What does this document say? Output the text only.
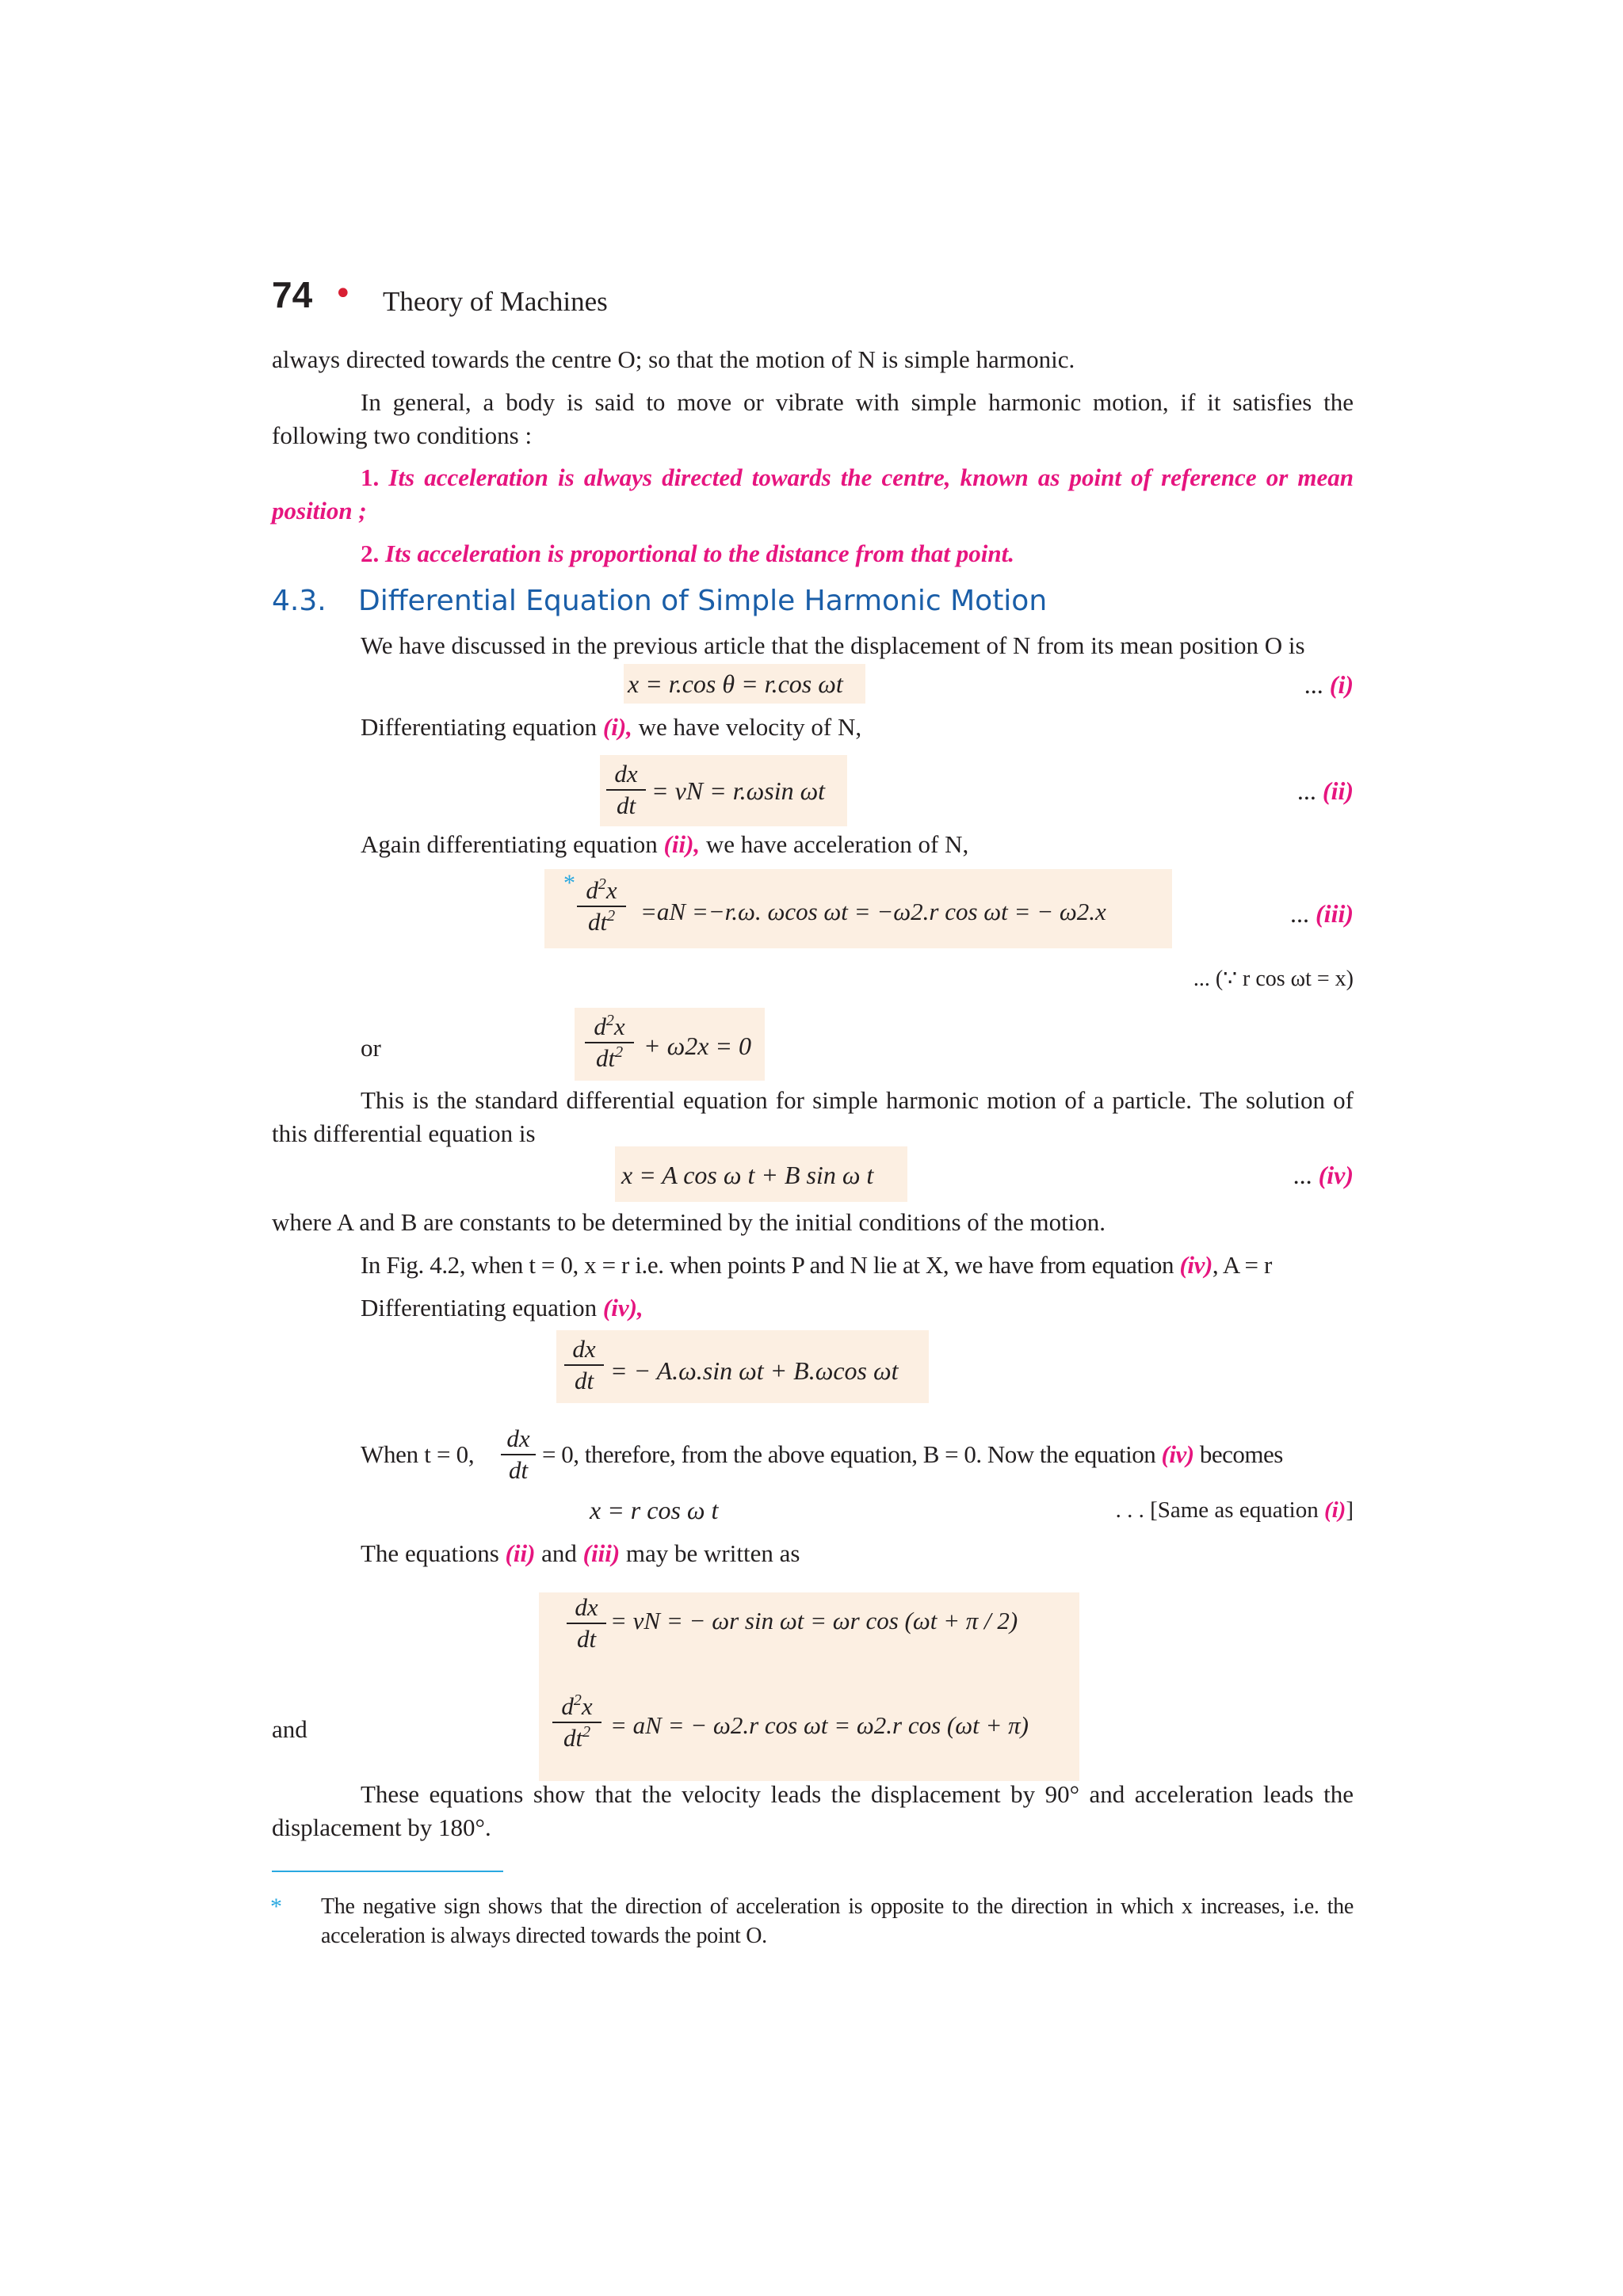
74 • Theory of Machines
always directed towards the centre O; so that the motion of N is simple harmonic.
In general, a body is said to move or vibrate with simple harmonic motion, if it satisfies the following two conditions :
1. Its acceleration is always directed towards the centre, known as point of reference or mean position ;
2. Its acceleration is proportional to the distance from that point.
4.3. Differential Equation of Simple Harmonic Motion
We have discussed in the previous article that the displacement of N from its mean position O is
x = r.cos θ = r.cos ωt	... (i)
Differentiating equation (i), we have velocity of N,
dx
dt
= vN = r.ωsin ωt	... (ii)
Again differentiating equation (ii), we have acceleration of N,
* $d^2x$
$dt^2$	=aN =−r.ω. ωcos ωt = −ω2.r cos ωt = − ω2.x	... (iii)
... (∵ r cos ωt = x)
or
$d^2x$
$dt^2 + \omega 2x = 0$
This is the standard differential equation for simple harmonic motion of a particle. The solution of this differential equation is
x = A cos ω t + B sin ω t	... (iv)
where A and B are constants to be determined by the initial conditions of the motion.
In Fig. 4.2, when t = 0, x = r i.e. when points P and N lie at X, we have from equation (iv), A = r
Differentiating equation (iv),
dx
dt = − A.ω.sin ωt + B.ωcos ωt
When t = 0,
dx
dt
= 0, therefore, from the above equation, B = 0. Now the equation (iv) becomes
x = r cos ω t	. . . [Same as equation (i)]
The equations (ii) and (iii) may be written as
dx
dt
= vN = − ωr sin ωt = ωr cos (ωt + π / 2)
and
$d^2x$
$dt^2$ = aN = − ω2.r cos ωt = ω2.r cos (ωt + π)
These equations show that the velocity leads the displacement by 90° and acceleration leads the displacement by 180°.
* The negative sign shows that the direction of acceleration is opposite to the direction in which x increases, i.e. the acceleration is always directed towards the point O.
